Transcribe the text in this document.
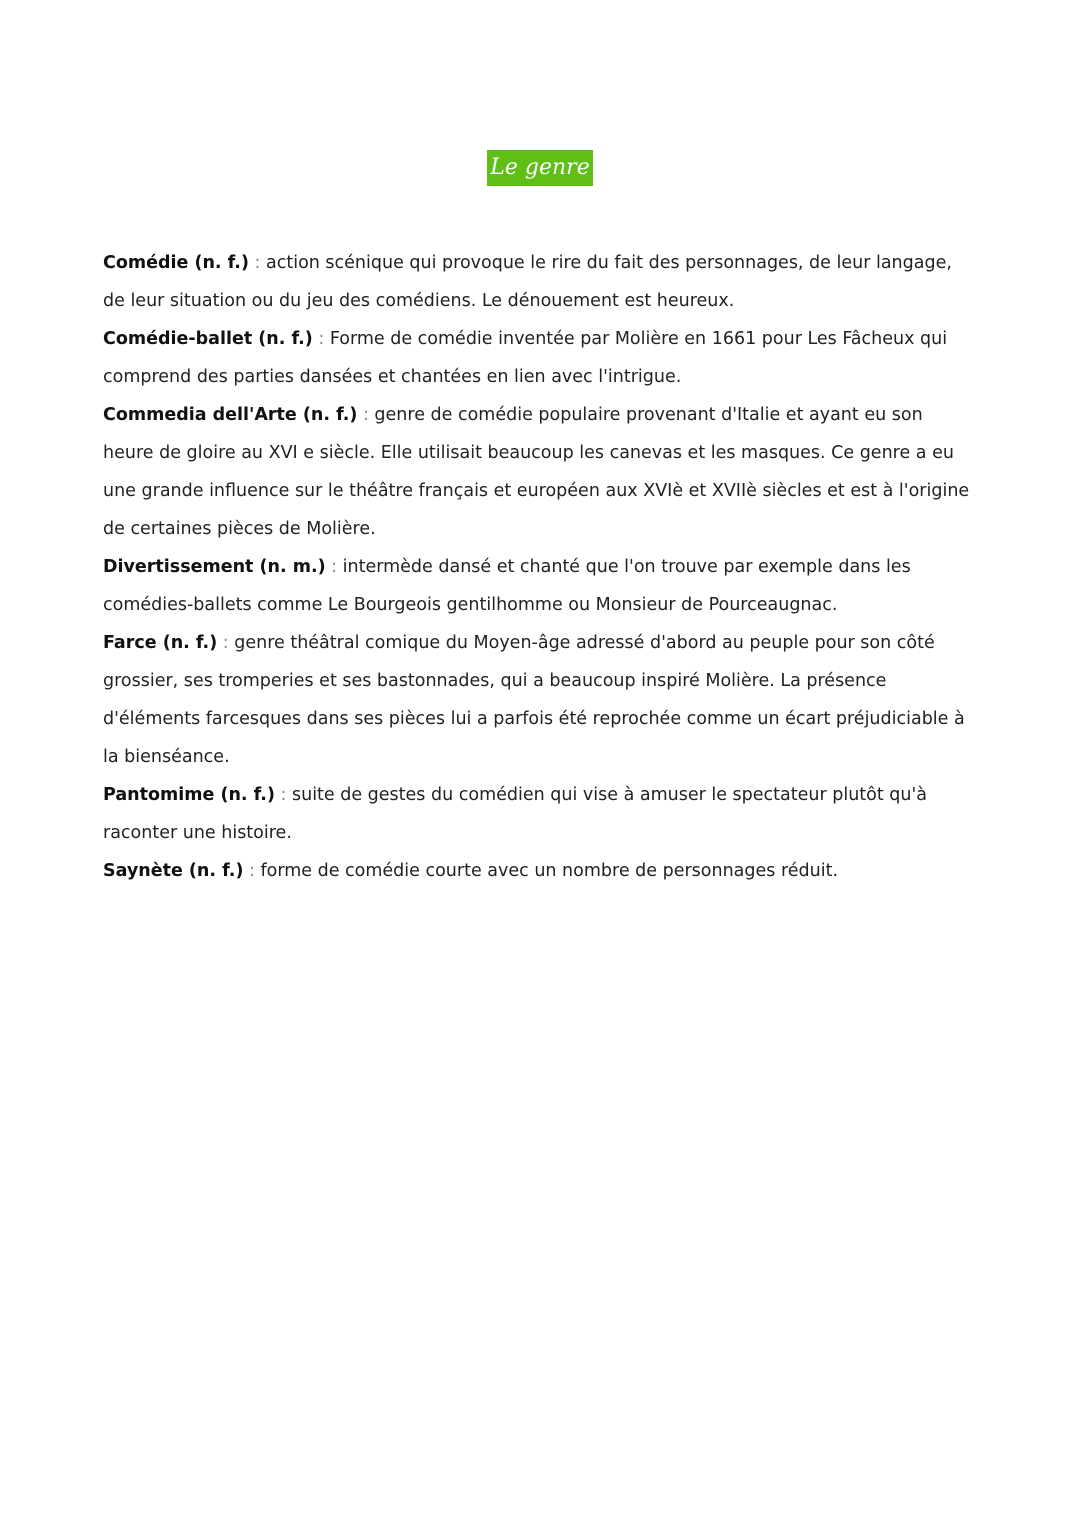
Le genre

Comédie (n. f.) : action scénique qui provoque le rire du fait des personnages, de leur langage, de leur situation ou du jeu des comédiens. Le dénouement est heureux.

Comédie-ballet (n. f.) : Forme de comédie inventée par Molière en 1661 pour Les Fâcheux qui comprend des parties dansées et chantées en lien avec l'intrigue.

Commedia dell'Arte (n. f.) : genre de comédie populaire provenant d'Italie et ayant eu son heure de gloire au XVI e siècle. Elle utilisait beaucoup les canevas et les masques. Ce genre a eu une grande influence sur le théâtre français et européen aux XVIè et XVIIè siècles et est à l'origine de certaines pièces de Molière.

Divertissement (n. m.) : intermède dansé et chanté que l'on trouve par exemple dans les comédies-ballets comme Le Bourgeois gentilhomme ou Monsieur de Pourceaugnac.

Farce (n. f.) : genre théâtral comique du Moyen-âge adressé d'abord au peuple pour son côté grossier, ses tromperies et ses bastonnades, qui a beaucoup inspiré Molière. La présence d'éléments farcesques dans ses pièces lui a parfois été reprochée comme un écart préjudiciable à la bienséance.

Pantomime (n. f.) : suite de gestes du comédien qui vise à amuser le spectateur plutôt qu'à raconter une histoire.

Saynète (n. f.) : forme de comédie courte avec un nombre de personnages réduit.
